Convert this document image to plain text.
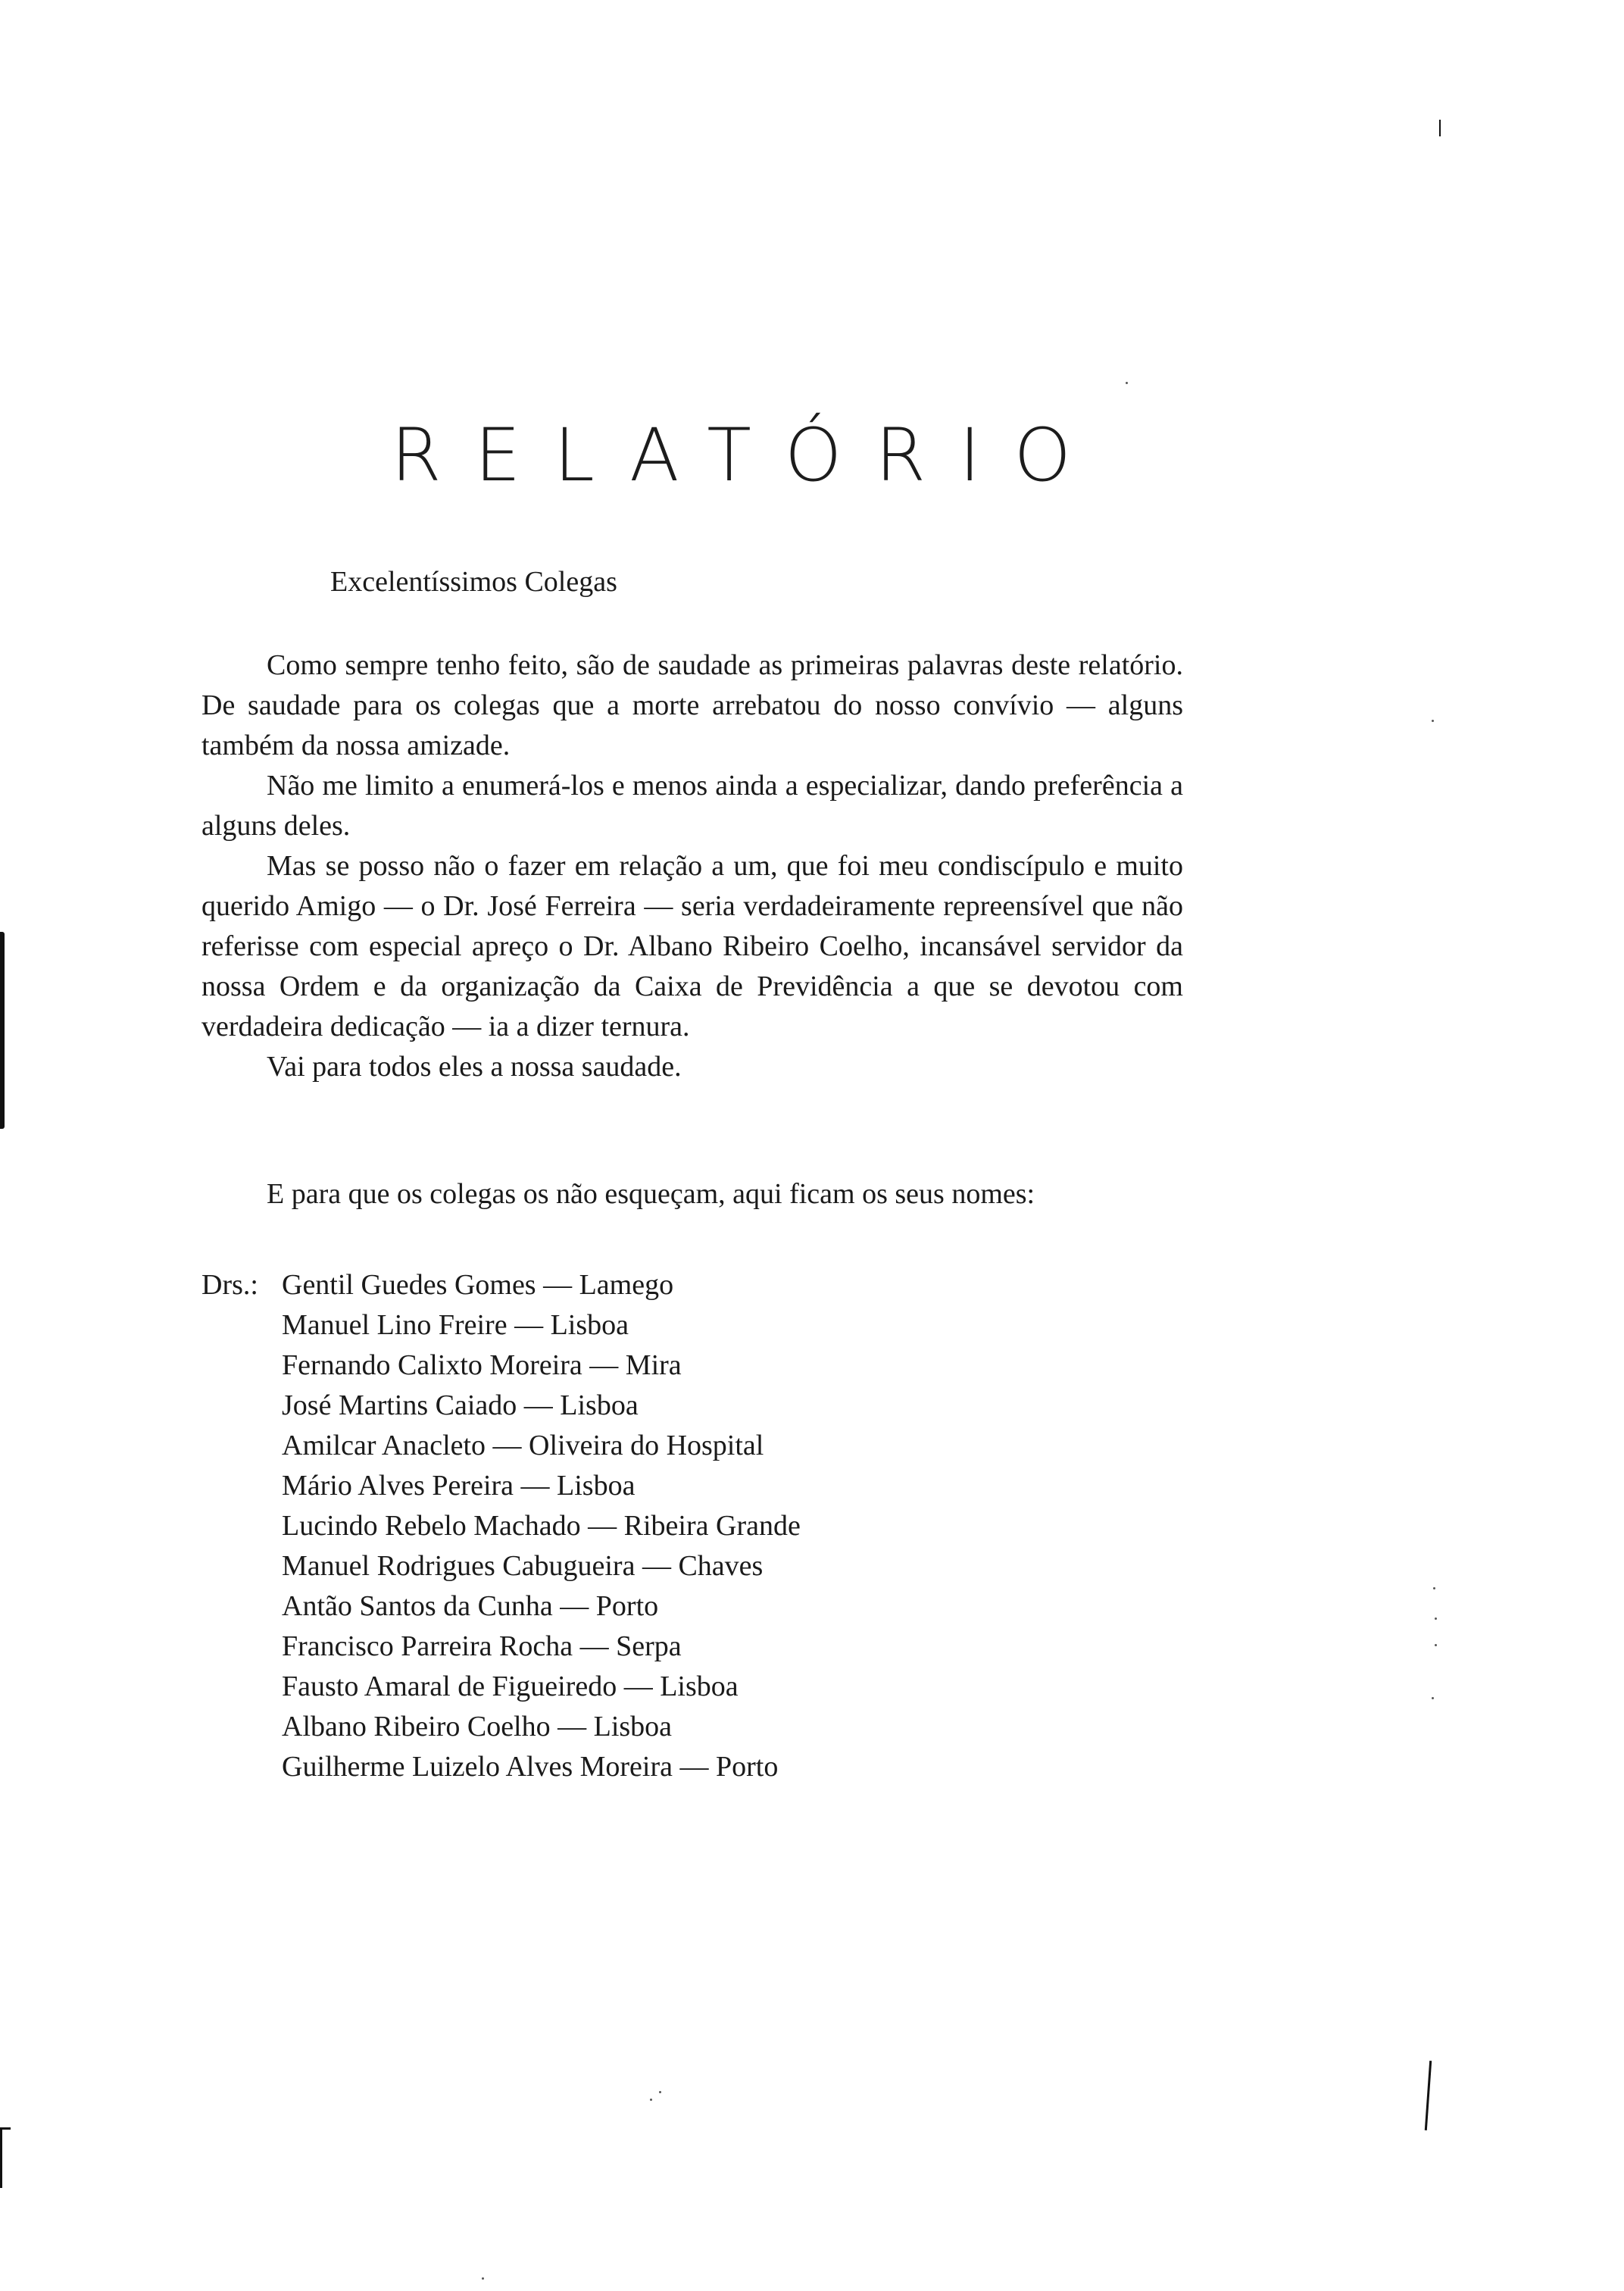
RELATÓRIO
Excelentíssimos Colegas

Como sempre tenho feito, são de saudade as primeiras palavras deste relatório. De saudade para os colegas que a morte arrebatou do nosso convívio — alguns também da nossa amizade.

Não me limito a enumerá-los e menos ainda a especializar, dando preferência a alguns deles.

Mas se posso não o fazer em relação a um, que foi meu condiscípulo e muito querido Amigo — o Dr. José Ferreira — seria verdadeiramente repreensível que não referisse com especial apreço o Dr. Albano Ribeiro Coelho, incansável servidor da nossa Ordem e da organização da Caixa de Previdência a que se devotou com verdadeira dedicação — ia a dizer ternura.

Vai para todos eles a nossa saudade.

E para que os colegas os não esqueçam, aqui ficam os seus nomes:
Drs.: Gentil Guedes Gomes — Lamego
Manuel Lino Freire — Lisboa
Fernando Calixto Moreira — Mira
José Martins Caiado — Lisboa
Amilcar Anacleto — Oliveira do Hospital
Mário Alves Pereira — Lisboa
Lucindo Rebelo Machado — Ribeira Grande
Manuel Rodrigues Cabugueira — Chaves
Antão Santos da Cunha — Porto
Francisco Parreira Rocha — Serpa
Fausto Amaral de Figueiredo — Lisboa
Albano Ribeiro Coelho — Lisboa
Guilherme Luizelo Alves Moreira — Porto
